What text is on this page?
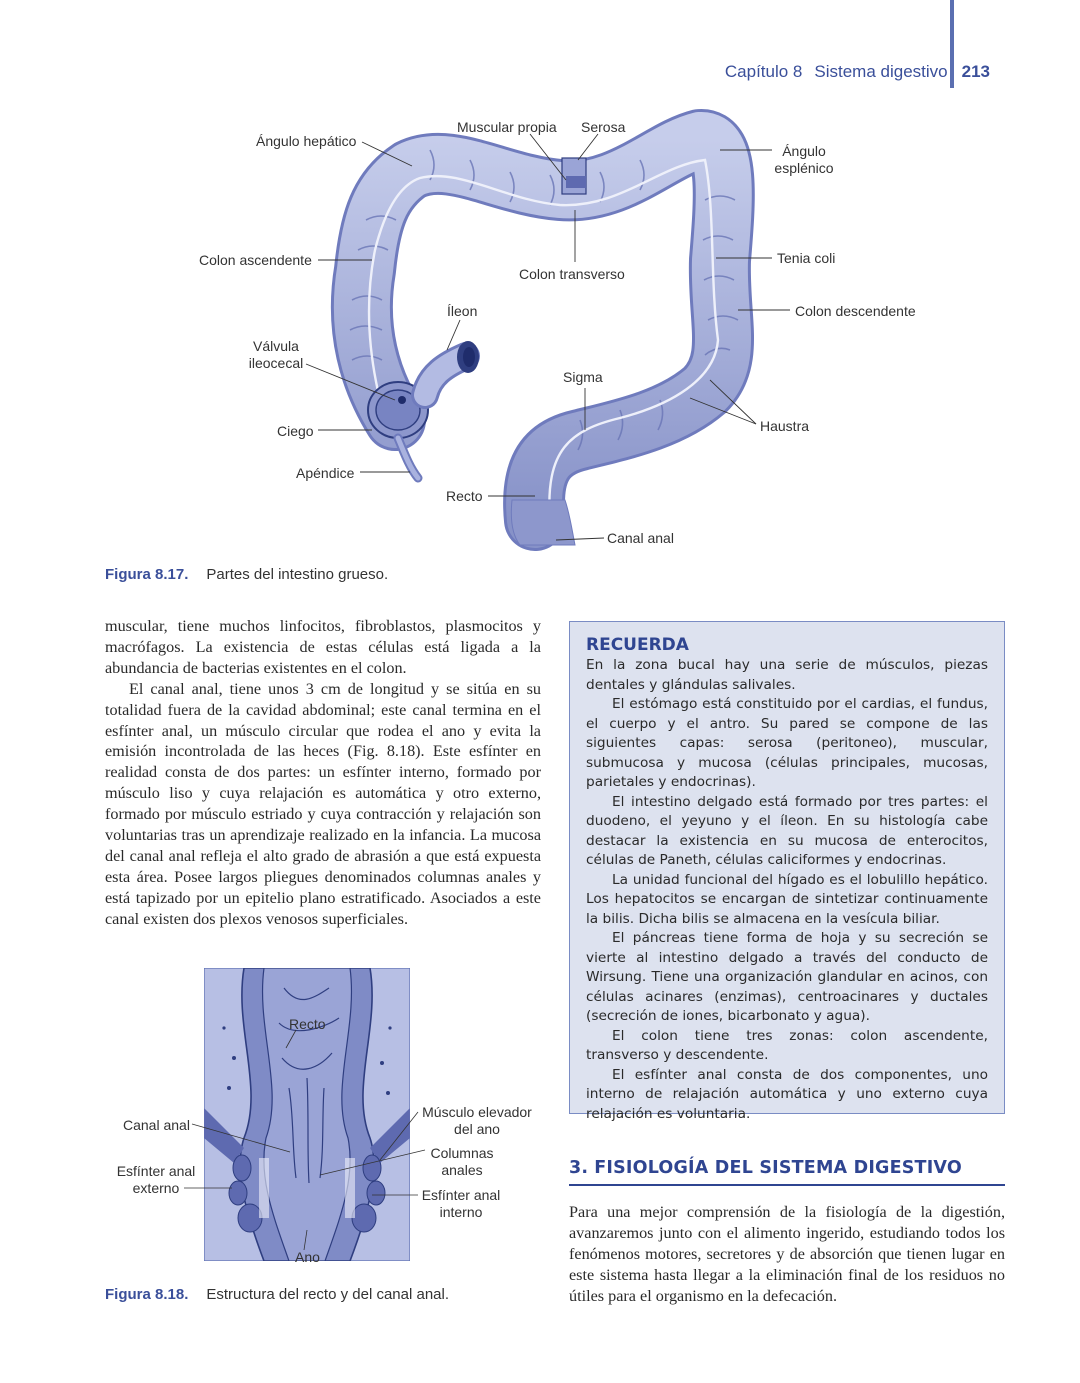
Capítulo 8 Sistema digestivo 213
Ángulo hepático
Muscular propia Serosa
Ángulo
esplénico
Colon ascendente	Tenia coli
Colon transverso
Íleon	Colon descendente
Válvula
ileocecal
Sigma
Ciego	Haustra
Apéndice
Recto
Canal anal
Figura 8.17. Partes del intestino grueso.

muscular, tiene muchos linfocitos, fibroblastos, plasmocitos y macrófagos. La existencia de estas células está ligada a la abundancia de bacterias existentes en el colon.

El canal anal, tiene unos 3 cm de longitud y se sitúa en su totalidad fuera de la cavidad abdominal; este canal termina en el esfínter anal, un músculo circular que rodea el ano y evita la emisión incontrolada de las heces (Fig. 8.18). Este esfínter en realidad consta de dos partes: un esfínter interno, formado por músculo liso y cuya relajación es automática y otro externo, formado por músculo estriado y cuya contracción y relajación son voluntarias tras un aprendizaje realizado en la infancia. La mucosa del canal anal refleja el alto grado de abrasión a que está expuesta esta área. Posee largos pliegues denominados columnas anales y está tapizado por un epitelio plano estratificado. Asociados a este canal existen dos plexos venosos superficiales.

Recto
Canal anal
Músculo elevador
del ano
Columnas
anales
Esfínter anal
externo	Esfínter anal
interno
Ano
Figura 8.18. Estructura del recto y del canal anal.
RECUERDA

En la zona bucal hay una serie de músculos, piezas dentales y glándulas salivales.

El estómago está constituido por el cardias, el fundus, el cuerpo y el antro. Su pared se compone de las siguientes capas: serosa (peritoneo), muscular, submucosa y mucosa (células principales, mucosas, parietales y endocrinas).

El intestino delgado está formado por tres partes: el duodeno, el yeyuno y el íleon. En su histología cabe destacar la existencia en su mucosa de enterocitos, células de Paneth, células caliciformes y endocrinas.

La unidad funcional del hígado es el lobulillo hepático. Los hepatocitos se encargan de sintetizar continuamente la bilis. Dicha bilis se almacena en la vesícula biliar.

El páncreas tiene forma de hoja y su secreción se vierte al intestino delgado a través del conducto de Wirsung. Tiene una organización glandular en acinos, con células acinares (enzimas), centroacinares y ductales (secreción de iones, bicarbonato y agua).

El colon tiene tres zonas: colon ascendente, transverso y descendente.

El esfínter anal consta de dos componentes, uno interno de relajación automática y uno externo cuya relajación es voluntaria.

3. FISIOLOGÍA DEL SISTEMA DIGESTIVO

Para una mejor comprensión de la fisiología de la digestión, avanzaremos junto con el alimento ingerido, estudiando todos los fenómenos motores, secretores y de absorción que tienen lugar en este sistema hasta llegar a la eliminación final de los residuos no útiles para el organismo en la defecación.
